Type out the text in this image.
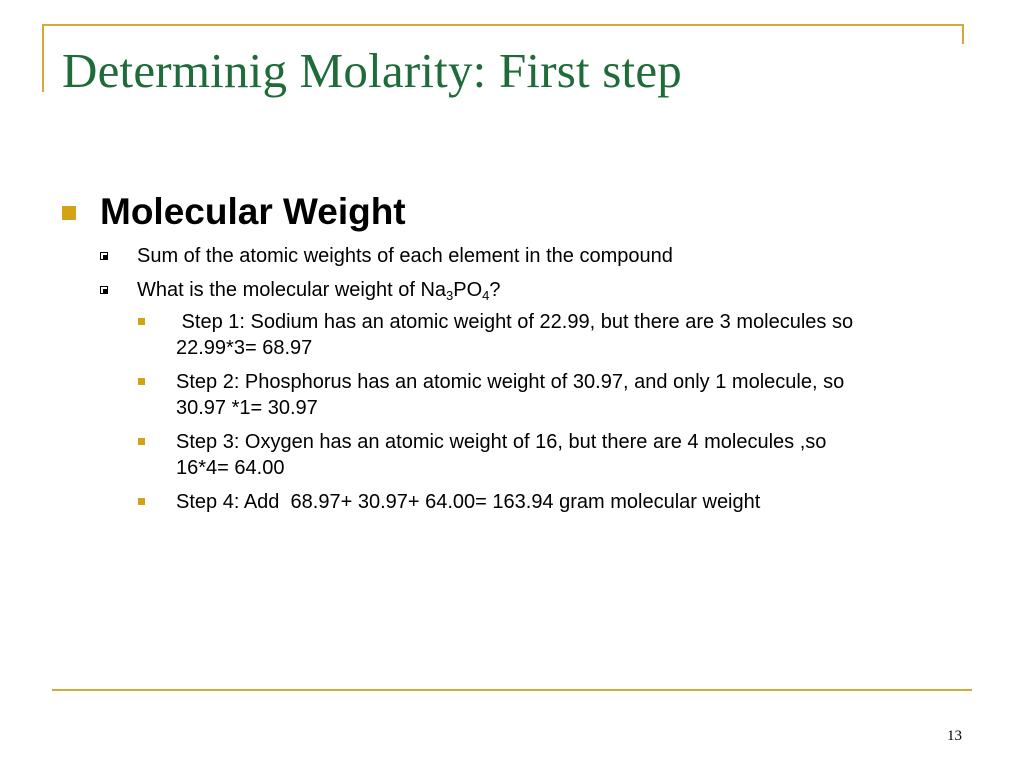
Determinig Molarity: First step
Molecular Weight
Sum of the atomic weights of each element in the compound
What is the molecular weight of $Na_3PO_4$?
Step 1: Sodium has an atomic weight of 22.99, but there are 3 molecules so
22.99*3= 68.97
Step 2: Phosphorus has an atomic weight of 30.97, and only 1 molecule, so
30.97 *1= 30.97
Step 3: Oxygen has an atomic weight of 16, but there are 4 molecules ,so
16*4= 64.00
Step 4: Add  68.97+ 30.97+ 64.00= 163.94 gram molecular weight
13
